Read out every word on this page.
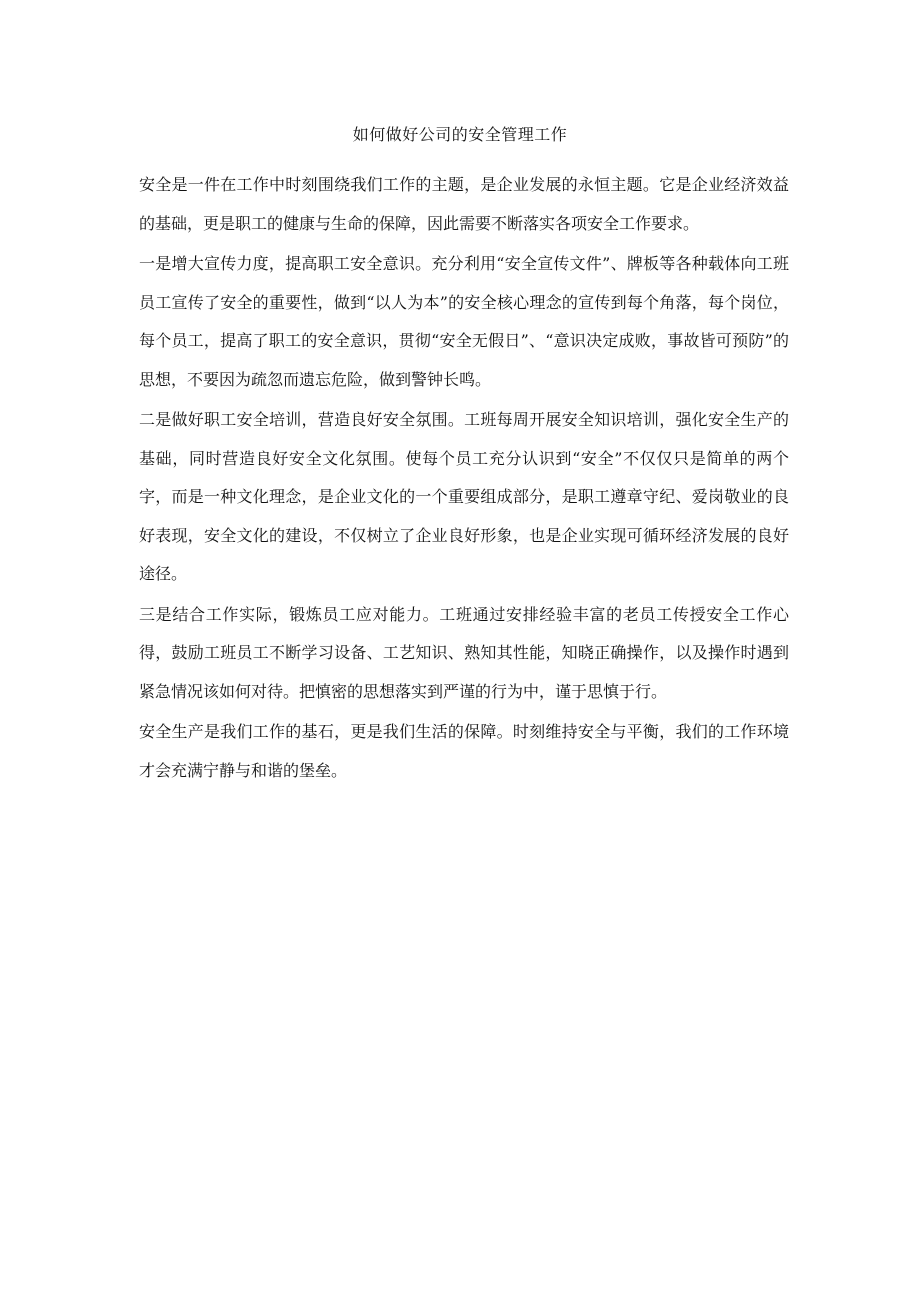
如何做好公司的安全管理工作

安全是一件在工作中时刻围绕我们工作的主题，是企业发展的永恒主题。它是企业经济效益的基础，更是职工的健康与生命的保障，因此需要不断落实各项安全工作要求。

一是增大宣传力度，提高职工安全意识。充分利用“安全宣传文件”、牌板等各种载体向工班员工宣传了安全的重要性，做到“以人为本”的安全核心理念的宣传到每个角落，每个岗位，每个员工，提高了职工的安全意识，贯彻“安全无假日”、“意识决定成败，事故皆可预防”的思想，不要因为疏忽而遗忘危险，做到警钟长鸣。

二是做好职工安全培训，营造良好安全氛围。工班每周开展安全知识培训，强化安全生产的基础，同时营造良好安全文化氛围。使每个员工充分认识到“安全”不仅仅只是简单的两个字，而是一种文化理念，是企业文化的一个重要组成部分，是职工遵章守纪、爱岗敬业的良好表现，安全文化的建设，不仅树立了企业良好形象，也是企业实现可循环经济发展的良好途径。

三是结合工作实际，锻炼员工应对能力。工班通过安排经验丰富的老员工传授安全工作心得，鼓励工班员工不断学习设备、工艺知识、熟知其性能，知晓正确操作，以及操作时遇到紧急情况该如何对待。把慎密的思想落实到严谨的行为中，谨于思慎于行。

安全生产是我们工作的基石，更是我们生活的保障。时刻维持安全与平衡，我们的工作环境才会充满宁静与和谐的堡垒。
